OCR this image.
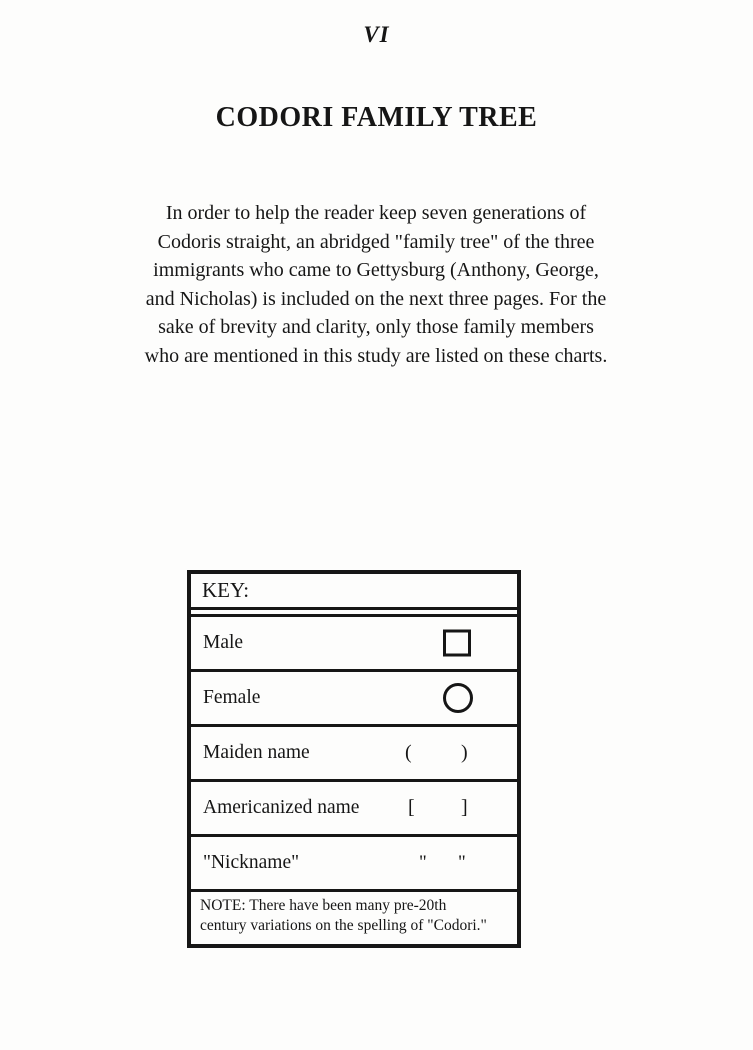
VI
CODORI FAMILY TREE
In order to help the reader keep seven generations of
Codoris straight, an abridged "family tree" of the three
immigrants who came to Gettysburg (Anthony, George,
and Nicholas) is included on the next three pages. For the
sake of brevity and clarity, only those family members
who are mentioned in this study are listed on these charts.
KEY:
Male
Female
Maiden name	( )
Americanized name [ ]
"Nickname"	" "
NOTE: There have been many pre-20th
century variations on the spelling of "Codori."
